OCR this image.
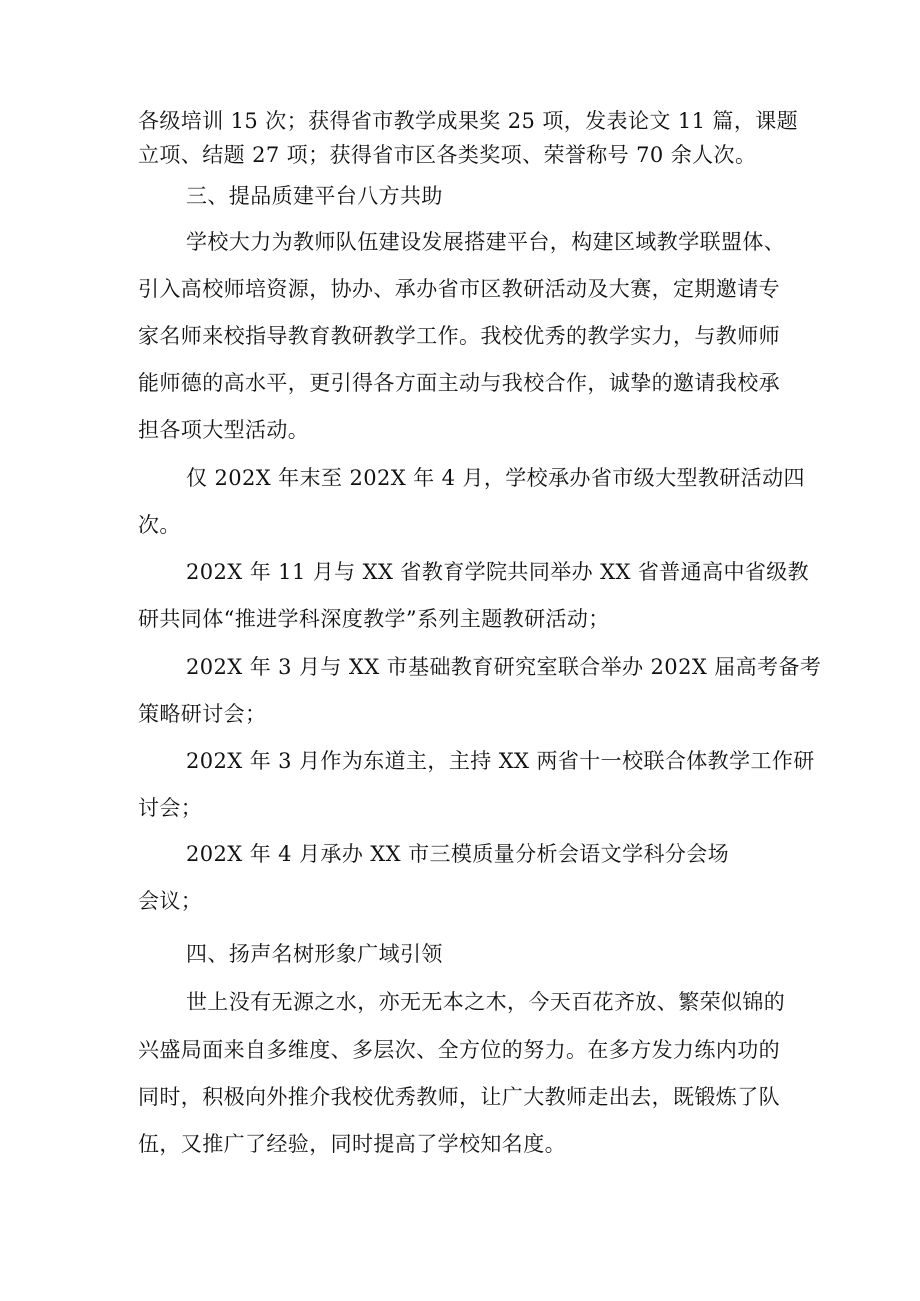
各级培训 15 次；获得省市教学成果奖 25 项，发表论文 11 篇，课题
立项、结题 27 项；获得省市区各类奖项、荣誉称号 70 余人次。
三、提品质建平台八方共助
学校大力为教师队伍建设发展搭建平台，构建区域教学联盟体、
引入高校师培资源，协办、承办省市区教研活动及大赛，定期邀请专
家名师来校指导教育教研教学工作。我校优秀的教学实力，与教师师
能师德的高水平，更引得各方面主动与我校合作，诚挚的邀请我校承
担各项大型活动。
仅 202X 年末至 202X 年 4 月，学校承办省市级大型教研活动四
次。
202X 年 11 月与 XX 省教育学院共同举办 XX 省普通高中省级教
研共同体“推进学科深度教学”系列主题教研活动；
202X 年 3 月与 XX 市基础教育研究室联合举办 202X 届高考备考
策略研讨会；
202X 年 3 月作为东道主，主持 XX 两省十一校联合体教学工作研
讨会；
202X 年 4 月承办 XX 市三模质量分析会语文学科分会场
会议；
四、扬声名树形象广域引领
世上没有无源之水，亦无无本之木，今天百花齐放、繁荣似锦的
兴盛局面来自多维度、多层次、全方位的努力。在多方发力练内功的
同时，积极向外推介我校优秀教师，让广大教师走出去，既锻炼了队
伍，又推广了经验，同时提高了学校知名度。
